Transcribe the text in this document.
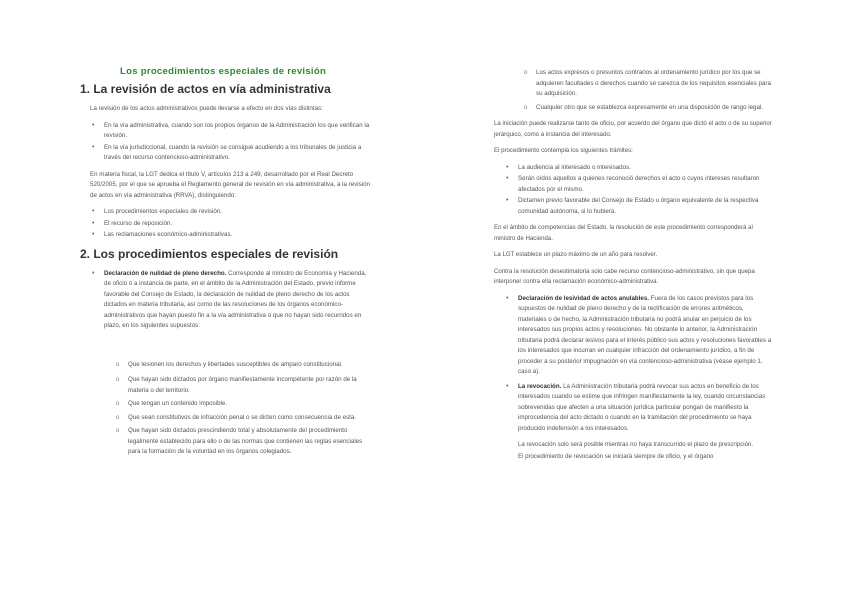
Los procedimientos especiales de revisión
1. La revisión de actos en vía administrativa

La revisión de los actos administrativos puede llevarse a efecto en dos vías distintas:

• En la vía administrativa, cuando son los propios órganos de la Administración los que verifican la revisión.
• En la vía jurisdiccional, cuando la revisión se consigue acudiendo a los tribunales de justicia a través del recurso contencioso-administrativo.

En materia fiscal, la LGT dedica el título V, artículos 213 a 249, desarrollado por el Real Decreto 520/2005, por el que se aprueba el Reglamento general de revisión en vía administrativa, a la revisión de actos en vía administrativa (RRVA), distinguiendo:

• Los procedimientos especiales de revisión.
• El recurso de reposición.
• Las reclamaciones económico-administrativas.
2. Los procedimientos especiales de revisión
• Declaración de nulidad de pleno derecho. Corresponde al ministro de Economía y Hacienda, de oficio o a instancia de parte, en el ámbito de la Administración del Estado, previo informe favorable del Consejo de Estado, la declaración de nulidad de pleno derecho de los actos dictados en materia tributaria, así como de las resoluciones de los órganos económico-administrativos que hayan puesto fin a la vía administrativa o que no hayan sido recurridos en plazo, en los siguientes supuestos:
o Que lesionen los derechos y libertades susceptibles de amparo constitucional.
o Que hayan sido dictados por órgano manifiestamente incompetente por razón de la materia o del territorio.
o Que tengan un contenido imposible.
o Que sean constitutivos de infracción penal o se dicten como consecuencia de esta.
o Que hayan sido dictados prescindiendo total y absolutamente del procedimiento legalmente establecido para ello o de las normas que contienen las reglas esenciales para la formación de la voluntad en los órganos colegiados.
o Los actos expresos o presuntos contrarios al ordenamiento jurídico por los que se adquieren facultades o derechos cuando se carezca de los requisitos esenciales para su adquisición.
o Cualquier otro que se establezca expresamente en una disposición de rango legal.

La iniciación puede realizarse tanto de oficio, por acuerdo del órgano que dictó el acto o de su superior jerárquico, como a instancia del interesado.

El procedimiento contempla los siguientes trámites:

• La audiencia al interesado o interesados.
• Serán oídos aquellos a quienes reconoció derechos el acto o cuyos intereses resultaron afectados por el mismo.
• Dictamen previo favorable del Consejo de Estado u órgano equivalente de la respectiva comunidad autónoma, si lo hubiera.

En el ámbito de competencias del Estado, la resolución de este procedimiento corresponderá al ministro de Hacienda.

La LGT establece un plazo máximo de un año para resolver.

Contra la resolución desestimatoria solo cabe recurso contencioso-administrativo, sin que quepa interponer contra ella reclamación económico-administrativa.

• Declaración de lesividad de actos anulables. Fuera de los casos previstos para los supuestos de nulidad de pleno derecho y de la rectificación de errores aritméticos, materiales o de hecho, la Administración tributaria no podrá anular en perjuicio de los interesados sus propios actos y resoluciones. No obstante lo anterior, la Administración tributaria podrá declarar lesivos para el interés público sus actos y resoluciones favorables a los interesados que incurran en cualquier infracción del ordenamiento jurídico, a fin de proceder a su posterior impugnación en vía contencioso-administrativa (véase ejemplo 1, caso a).
• La revocación. La Administración tributaria podrá revocar sus actos en beneficio de los interesados cuando se estime que infringen manifiestamente la ley, cuando circunstancias sobrevenidas que afecten a una situación jurídica particular pongan de manifiesto la improcedencia del acto dictado o cuando en la tramitación del procedimiento se haya producido indefensión a los interesados.

La revocación solo será posible mientras no haya transcurrido el plazo de prescripción.

El procedimiento de revocación se iniciará siempre de oficio, y el órgano
